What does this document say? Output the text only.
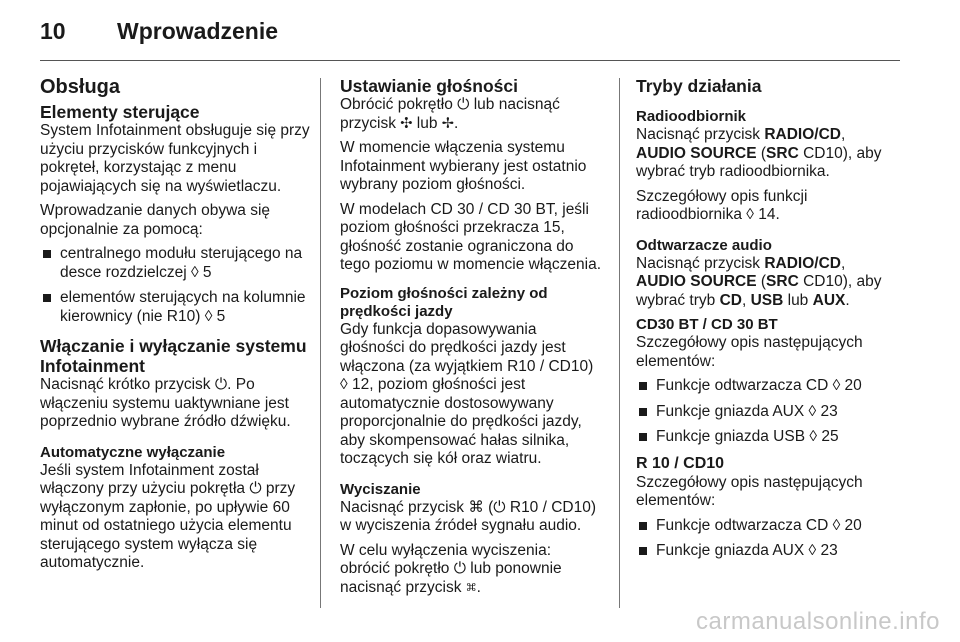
10 Wprowadzenie
Obsługa
Elementy sterujące

System Infotainment obsługuje się przy użyciu przycisków funkcyjnych i pokręteł, korzystając z menu pojawiających się na wyświetlaczu.

Wprowadzanie danych obywa się opcjonalnie za pomocą:

centralnego modułu sterującego na desce rozdzielczej ◊ 5
elementów sterujących na kolumnie kierownicy (nie R10) ◊ 5
Włączanie i wyłączanie systemu Infotainment

Nacisnąć krótko przycisk ⏻. Po włączeniu systemu uaktywniane jest poprzednio wybrane źródło dźwięku.

Automatyczne wyłączanie

Jeśli system Infotainment został włączony przy użyciu pokrętła ⏻ przy wyłączonym zapłonie, po upływie 60 minut od ostatniego użycia elementu sterującego system wyłącza się automatycznie.

Ustawianie głośności

Obrócić pokrętło ⏻ lub nacisnąć przycisk ✣ lub ✢.

W momencie włączenia systemu Infotainment wybierany jest ostatnio wybrany poziom głośności.

W modelach CD 30 / CD 30 BT, jeśli poziom głośności przekracza 15, głośność zostanie ograniczona do tego poziomu w momencie włączenia.

Poziom głośności zależny od prędkości jazdy

Gdy funkcja dopasowywania głośności do prędkości jazdy jest włączona (za wyjątkiem R10 / CD10) ◊ 12, poziom głośności jest automatycznie dostosowywany proporcjonalnie do prędkości jazdy, aby skompensować hałas silnika, toczących się kół oraz wiatru.

Wyciszanie

Nacisnąć przycisk ⌘ (⏻ R10 / CD10) w wyciszenia źródeł sygnału audio.

W celu wyłączenia wyciszenia: obrócić pokrętło ⏻ lub ponownie nacisnąć przycisk ⌘.

Tryby działania
Radioodbiornik

Nacisnąć przycisk RADIO/CD,
AUDIO SOURCE (SRC CD10), aby wybrać tryb radioodbiornika.

Szczegółowy opis funkcji radioodbiornika ◊ 14.

Odtwarzacze audio

Nacisnąć przycisk RADIO/CD,
AUDIO SOURCE (SRC CD10), aby wybrać tryb CD, USB lub AUX.

CD30 BT / CD 30 BT

Szczegółowy opis następujących elementów:

Funkcje odtwarzacza CD ◊ 20
Funkcje gniazda AUX ◊ 23
Funkcje gniazda USB ◊ 25
R 10 / CD10

Szczegółowy opis następujących elementów:

Funkcje odtwarzacza CD ◊ 20
Funkcje gniazda AUX ◊ 23
carmanualsonline.info
